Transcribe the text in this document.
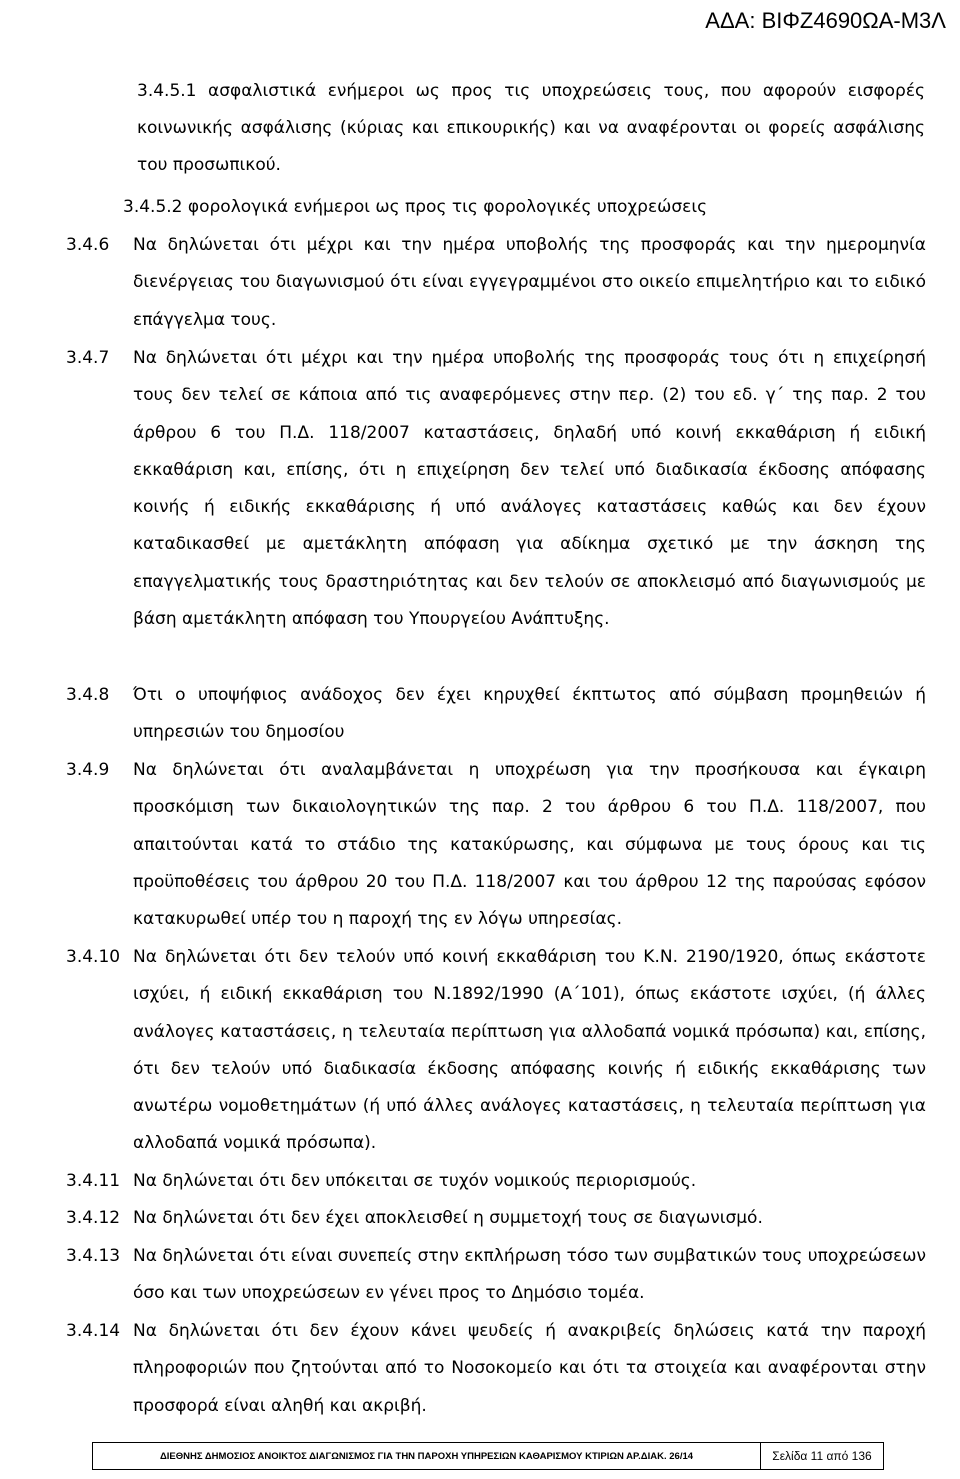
ΑΔΑ: ΒΙΦΖ4690ΩΑ-Μ3Λ
3.4.5.1 ασφαλιστικά ενήμεροι ως προς τις υποχρεώσεις τους, που αφορούν εισφορές κοινωνικής ασφάλισης (κύριας και επικουρικής) και να αναφέρονται οι φορείς ασφάλισης του προσωπικού.
3.4.5.2 φορολογικά ενήμεροι ως προς τις φορολογικές υποχρεώσεις
3.4.6 Να δηλώνεται ότι μέχρι και την ημέρα υποβολής της προσφοράς και την ημερομηνία διενέργειας του διαγωνισμού ότι είναι εγγεγραμμένοι στο οικείο επιμελητήριο και το ειδικό επάγγελμα τους.
3.4.7 Να δηλώνεται ότι μέχρι και την ημέρα υποβολής της προσφοράς τους ότι η επιχείρησή τους δεν τελεί σε κάποια από τις αναφερόμενες στην περ. (2) του εδ. γ΄ της παρ. 2 του άρθρου 6 του Π.Δ. 118/2007 καταστάσεις, δηλαδή υπό κοινή εκκαθάριση ή ειδική εκκαθάριση και, επίσης, ότι η επιχείρηση δεν τελεί υπό διαδικασία έκδοσης απόφασης κοινής ή ειδικής εκκαθάρισης ή υπό ανάλογες καταστάσεις καθώς και δεν έχουν καταδικασθεί με αμετάκλητη απόφαση για αδίκημα σχετικό με την άσκηση της επαγγελματικής τους δραστηριότητας και δεν τελούν σε αποκλεισμό από διαγωνισμούς με βάση αμετάκλητη απόφαση του Υπουργείου Ανάπτυξης.
3.4.8 Ότι ο υποψήφιος ανάδοχος δεν έχει κηρυχθεί έκπτωτος από σύμβαση προμηθειών ή υπηρεσιών του δημοσίου
3.4.9 Να δηλώνεται ότι αναλαμβάνεται η υποχρέωση για την προσήκουσα και έγκαιρη προσκόμιση των δικαιολογητικών της παρ. 2 του άρθρου 6 του Π.Δ. 118/2007, που απαιτούνται κατά το στάδιο της κατακύρωσης, και σύμφωνα με τους όρους και τις προϋποθέσεις του άρθρου 20 του Π.Δ. 118/2007 και του άρθρου 12 της παρούσας εφόσον κατακυρωθεί υπέρ του η παροχή της εν λόγω υπηρεσίας.
3.4.10 Να δηλώνεται ότι δεν τελούν υπό κοινή εκκαθάριση του Κ.Ν. 2190/1920, όπως εκάστοτε ισχύει, ή ειδική εκκαθάριση του Ν.1892/1990 (Α΄101), όπως εκάστοτε ισχύει, (ή άλλες ανάλογες καταστάσεις, η τελευταία περίπτωση για αλλοδαπά νομικά πρόσωπα) και, επίσης, ότι δεν τελούν υπό διαδικασία έκδοσης απόφασης κοινής ή ειδικής εκκαθάρισης των ανωτέρω νομοθετημάτων (ή υπό άλλες ανάλογες καταστάσεις, η τελευταία περίπτωση για αλλοδαπά νομικά πρόσωπα).
3.4.11 Να δηλώνεται ότι δεν υπόκειται σε τυχόν νομικούς περιορισμούς.
3.4.12 Να δηλώνεται ότι δεν έχει αποκλεισθεί η συμμετοχή τους σε διαγωνισμό.
3.4.13 Να δηλώνεται ότι είναι συνεπείς στην εκπλήρωση τόσο των συμβατικών τους υποχρεώσεων όσο και των υποχρεώσεων εν γένει προς το Δημόσιο τομέα.
3.4.14 Να δηλώνεται ότι δεν έχουν κάνει ψευδείς ή ανακριβείς δηλώσεις κατά την παροχή πληροφοριών που ζητούνται από το Νοσοκομείο και ότι τα στοιχεία και αναφέρονται στην προσφορά είναι αληθή και ακριβή.
ΔΙΕΘΝΗΣ ΔΗΜΟΣΙΟΣ ΑΝΟΙΚΤΟΣ ΔΙΑΓΩΝΙΣΜΟΣ ΓΙΑ ΤΗΝ ΠΑΡΟΧΗ ΥΠΗΡΕΣΙΩΝ ΚΑΘΑΡΙΣΜΟΥ ΚΤΙΡΙΩΝ ΑΡ.ΔΙΑΚ. 26/14	Σελίδα 11 από 136
